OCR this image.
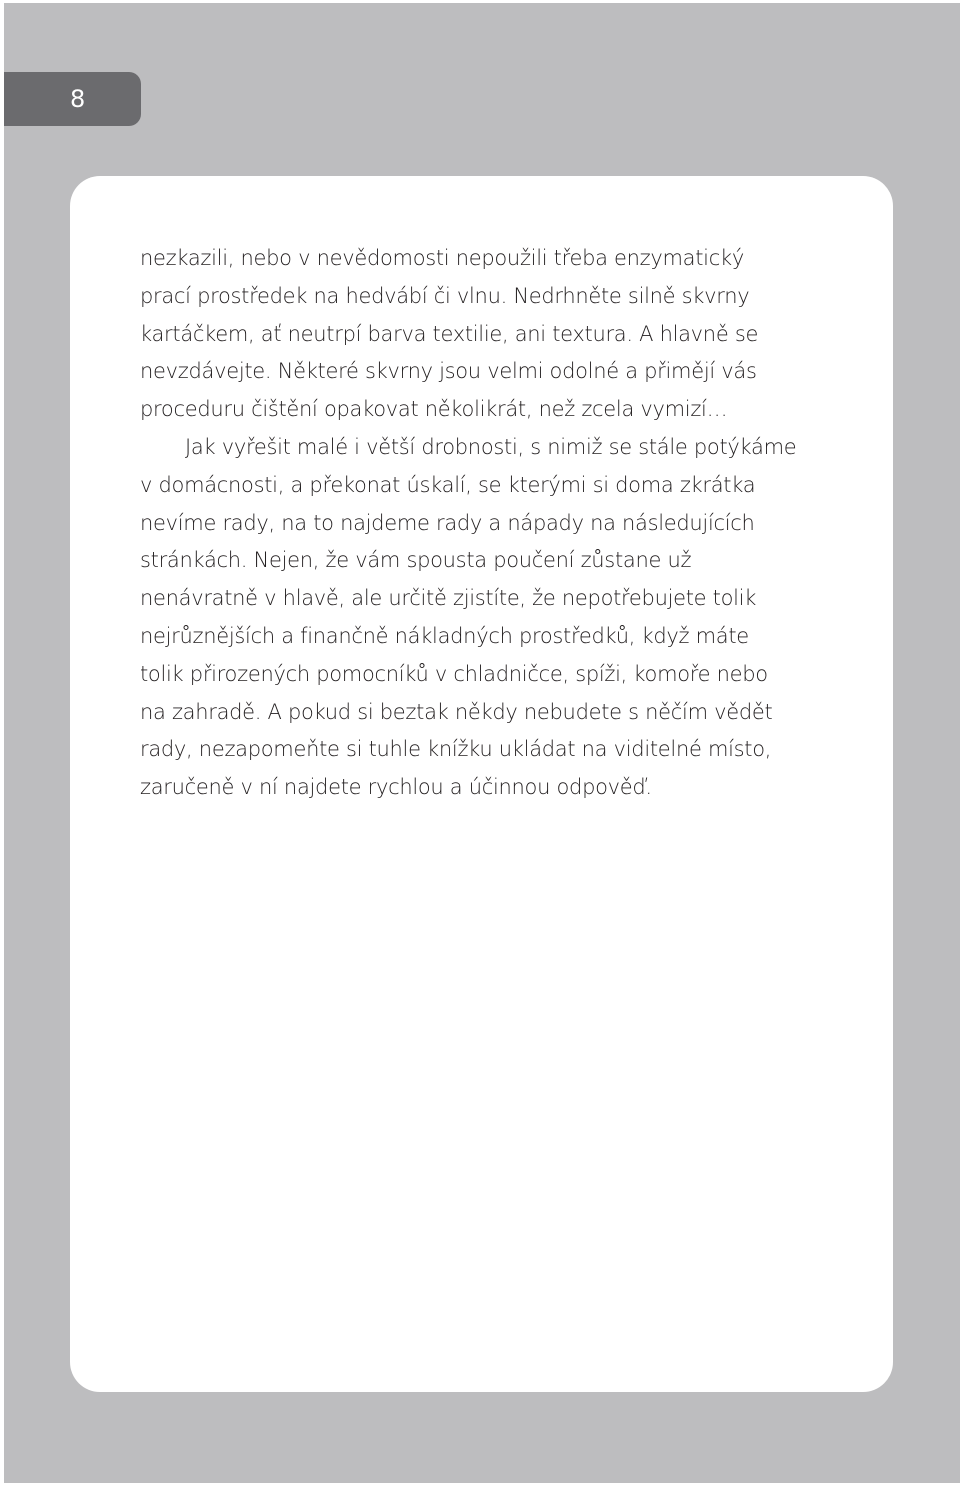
8
nezkazili, nebo v nevědomosti nepoužili třeba enzymatický
prací prostředek na hedvábí či vlnu. Nedrhněte silně skvrny
kartáčkem, ať neutrpí barva textilie, ani textura. A hlavně se
nevzdávejte. Některé skvrny jsou velmi odolné a přimějí vás
proceduru čištění opakovat několikrát, než zcela vymizí…
Jak vyřešit malé i větší drobnosti, s nimiž se stále potýkáme
v domácnosti, a překonat úskalí, se kterými si doma zkrátka
nevíme rady, na to najdeme rady a nápady na následujících
stránkách. Nejen, že vám spousta poučení zůstane už
nenávratně v hlavě, ale určitě zjistíte, že nepotřebujete tolik
nejrůznějších a finančně nákladných prostředků, když máte
tolik přirozených pomocníků v chladničce, spíži, komoře nebo
na zahradě. A pokud si beztak někdy nebudete s něčím vědět
rady, nezapomeňte si tuhle knížku ukládat na viditelné místo,
zaručeně v ní najdete rychlou a účinnou odpověď.
